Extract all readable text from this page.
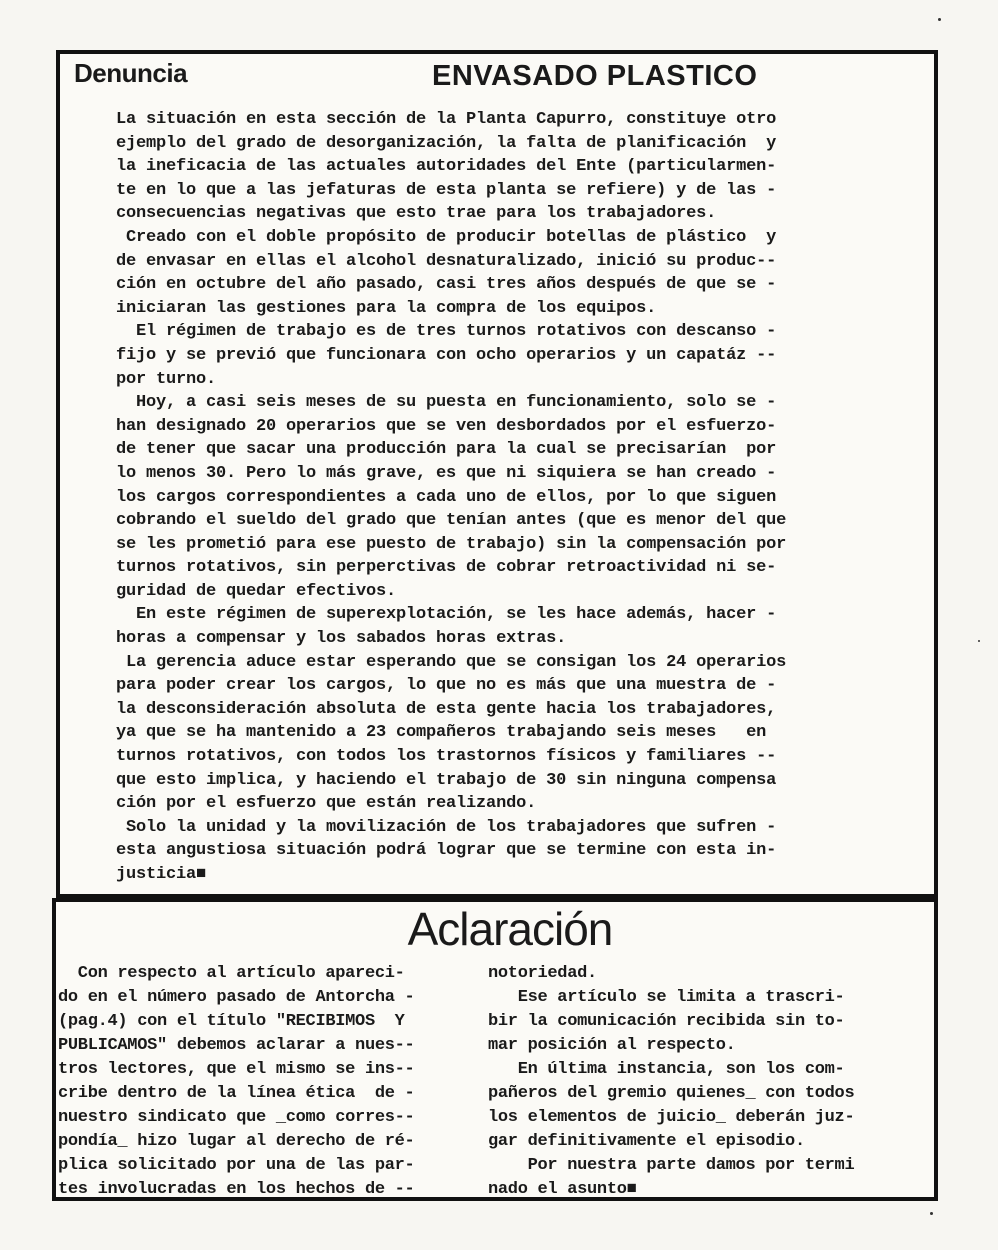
Denuncia	ENVASADO PLASTICO
La situación en esta sección de la Planta Capurro, constituye otro
ejemplo del grado de desorganización, la falta de planificación  y
la ineficacia de las actuales autoridades del Ente (particularmen-
te en lo que a las jefaturas de esta planta se refiere) y de las -
consecuencias negativas que esto trae para los trabajadores.
Creado con el doble propósito de producir botellas de plástico  y
de envasar en ellas el alcohol desnaturalizado, inició su produc--
ción en octubre del año pasado, casi tres años después de que se -
iniciaran las gestiones para la compra de los equipos.
El régimen de trabajo es de tres turnos rotativos con descanso -
fijo y se previó que funcionara con ocho operarios y un capatáz --
por turno.
Hoy, a casi seis meses de su puesta en funcionamiento, solo se -
han designado 20 operarios que se ven desbordados por el esfuerzo-
de tener que sacar una producción para la cual se precisarían  por
lo menos 30. Pero lo más grave, es que ni siquiera se han creado -
los cargos correspondientes a cada uno de ellos, por lo que siguen
cobrando el sueldo del grado que tenían antes (que es menor del que
se les prometió para ese puesto de trabajo) sin la compensación por
turnos rotativos, sin perperctivas de cobrar retroactividad ni se-
guridad de quedar efectivos.
En este régimen de superexplotación, se les hace además, hacer -
horas a compensar y los sabados horas extras.
La gerencia aduce estar esperando que se consigan los 24 operarios
para poder crear los cargos, lo que no es más que una muestra de -
la desconsideración absoluta de esta gente hacia los trabajadores,
ya que se ha mantenido a 23 compañeros trabajando seis meses   en
turnos rotativos, con todos los trastornos físicos y familiares --
que esto implica, y haciendo el trabajo de 30 sin ninguna compensa
ción por el esfuerzo que están realizando.
Solo la unidad y la movilización de los trabajadores que sufren -
esta angustiosa situación podrá lograr que se termine con esta in-
justicia■
Aclaración
Con respecto al artículo apareci-
do en el número pasado de Antorcha -
(pag.4) con el título "RECIBIMOS  Y
PUBLICAMOS" debemos aclarar a nues--
tros lectores, que el mismo se ins--
cribe dentro de la línea ética  de -
nuestro sindicato que _como corres--
pondía_ hizo lugar al derecho de ré-
plica solicitado por una de las par-
tes involucradas en los hechos de --
notoriedad.
Ese artículo se limita a trascri-
bir la comunicación recibida sin to-
mar posición al respecto.
En última instancia, son los com-
pañeros del gremio quienes_ con todos
los elementos de juicio_ deberán juz-
gar definitivamente el episodio.
Por nuestra parte damos por termi
nado el asunto■
